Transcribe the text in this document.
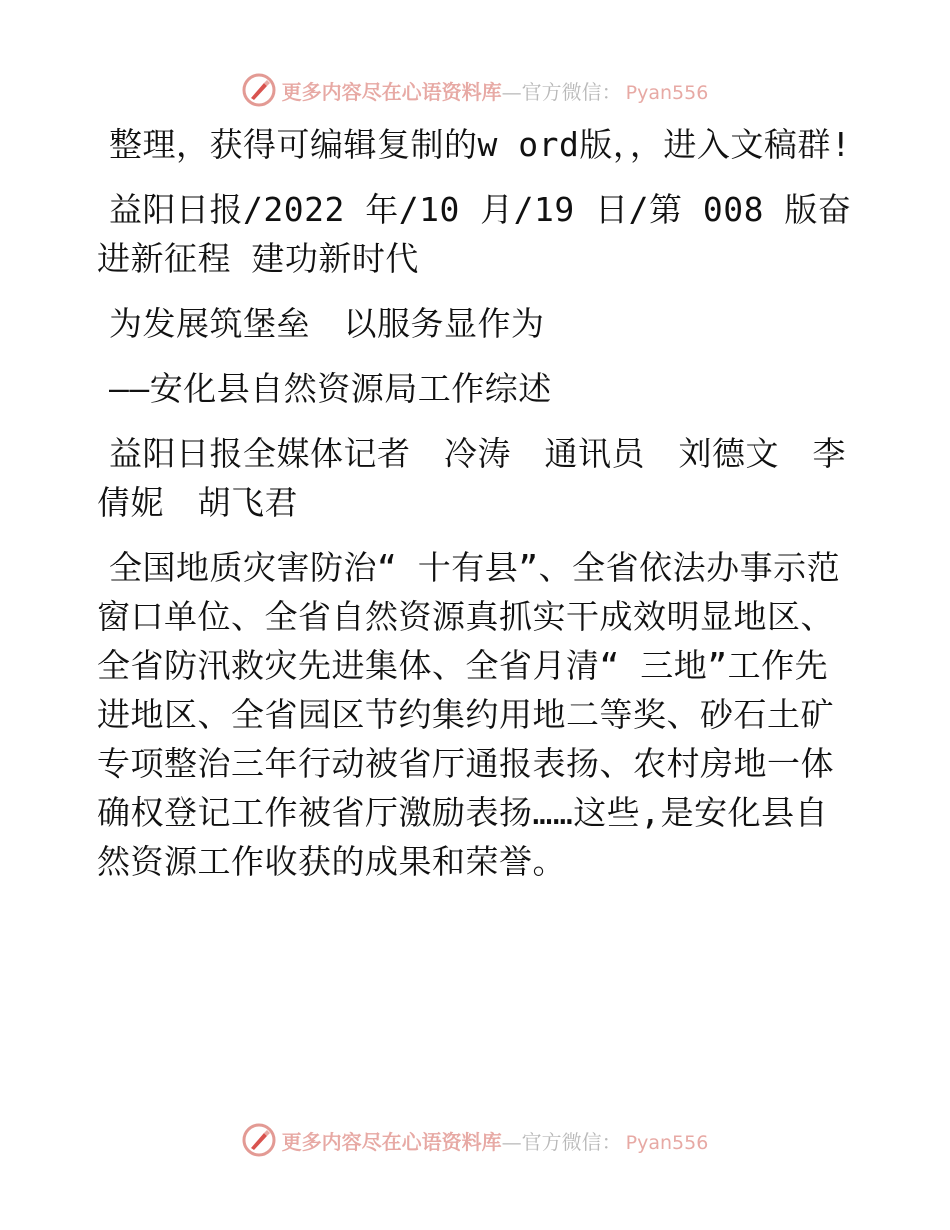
更多内容尽在心语资料库—官方微信： Pyan556

整理，获得可编辑复制的w ord版，，进入文稿群!

益阳日报/2022 年/10 月/19 日/第 008 版奋进新征程 建功新时代

为发展筑堡垒　以服务显作为

——安化县自然资源局工作综述

益阳日报全媒体记者　冷涛　通讯员　刘德文　李倩妮　胡飞君

全国地质灾害防治“ 十有县”、全省依法办事示范窗口单位、全省自然资源真抓实干成效明显地区、全省防汛救灾先进集体、全省月清“ 三地”工作先进地区、全省园区节约集约用地二等奖、砂石土矿专项整治三年行动被省厅通报表扬、农村房地一体确权登记工作被省厅激励表扬……这些,是安化县自然资源工作收获的成果和荣誉。

更多内容尽在心语资料库—官方微信： Pyan556
